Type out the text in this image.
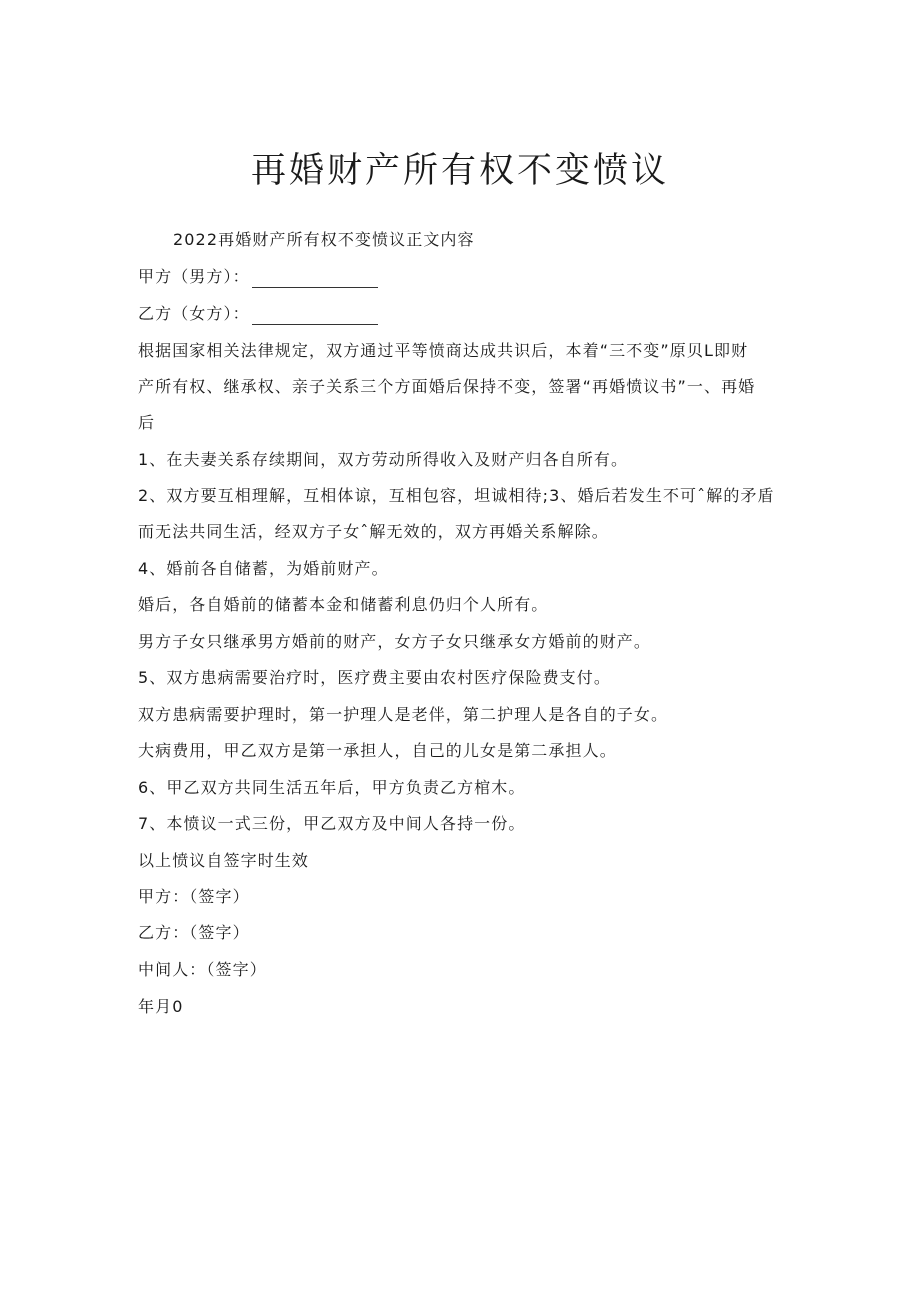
再婚财产所有权不变愤议
2022再婚财产所有权不变愤议正文内容
甲方（男方）：
乙方（女方）：
根据国家相关法律规定，双方通过平等愤商达成共识后，本着“三不变”原贝L即财
产所有权、继承权、亲子关系三个方面婚后保持不变，签署“再婚愤议书”一、再婚
后
1、在夫妻关系存续期间，双方劳动所得收入及财产归各自所有。
2、双方要互相理解，互相体谅，互相包容，坦诚相待;3、婚后若发生不可ˆ解的矛盾
而无法共同生活，经双方子女ˆ解无效的，双方再婚关系解除。
4、婚前各自储蓄，为婚前财产。
婚后，各自婚前的储蓄本金和储蓄利息仍归个人所有。
男方子女只继承男方婚前的财产，女方子女只继承女方婚前的财产。
5、双方患病需要治疗时，医疗费主要由农村医疗保险费支付。
双方患病需要护理时，第一护理人是老伴，第二护理人是各自的子女。
大病费用，甲乙双方是第一承担人，自己的儿女是第二承担人。
6、甲乙双方共同生活五年后，甲方负责乙方棺木。
7、本愤议一式三份，甲乙双方及中间人各持一份。
以上愤议自签字时生效
甲方：（签字）
乙方：（签字）
中间人：（签字）
年月0
